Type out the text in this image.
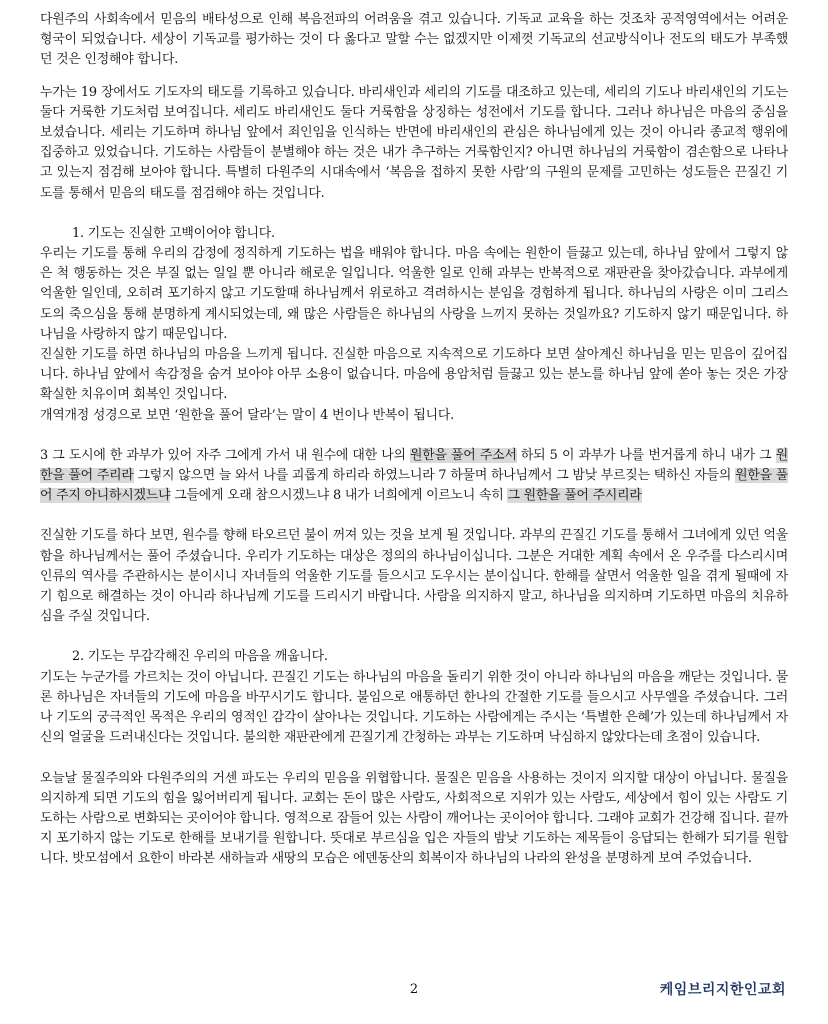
다원주의 사회속에서 믿음의 배타성으로 인해 복음전파의 어려움을 겪고 있습니다. 기독교 교육을 하는 것조차 공적영역에서는 어려운 형국이 되었습니다. 세상이 기독교를 평가하는 것이 다 옳다고 말할 수는 없겠지만 이제껏 기독교의 선교방식이나 전도의 태도가 부족했던 것은 인정해야 합니다.

누가는 19 장에서도 기도자의 태도를 기록하고 있습니다. 바리새인과 세리의 기도를 대조하고 있는데, 세리의 기도나 바리새인의 기도는 둘다 거룩한 기도처럼 보여집니다. 세리도 바리새인도 둘다 거룩함을 상징하는 성전에서 기도를 합니다. 그러나 하나님은 마음의 중심을 보셨습니다. 세리는 기도하며 하나님 앞에서 죄인임을 인식하는 반면에 바리새인의 관심은 하나님에게 있는 것이 아니라 종교적 행위에 집중하고 있었습니다. 기도하는 사람들이 분별해야 하는 것은 내가 추구하는 거룩함인지? 아니면 하나님의 거룩함이 겸손함으로 나타나고 있는지 점검해 보아야 합니다. 특별히 다원주의 시대속에서 ‘복음을 접하지 못한 사람’의 구원의 문제를 고민하는 성도들은 끈질긴 기도를 통해서 믿음의 태도를 점검해야 하는 것입니다.

1. 기도는 진실한 고백이어야 합니다.

우리는 기도를 통해 우리의 감정에 정직하게 기도하는 법을 배워야 합니다. 마음 속에는 원한이 들끓고 있는데, 하나님 앞에서 그렇지 않은 척 행동하는 것은 부질 없는 일일 뿐 아니라 해로운 일입니다. 억울한 일로 인해 과부는 반복적으로 재판관을 찾아갔습니다. 과부에게 억울한 일인데, 오히려 포기하지 않고 기도할때 하나님께서 위로하고 격려하시는 분임을 경험하게 됩니다. 하나님의 사랑은 이미 그리스도의 죽으심을 통해 분명하게 계시되었는데, 왜 많은 사람들은 하나님의 사랑을 느끼지 못하는 것일까요? 기도하지 않기 때문입니다. 하나님을 사랑하지 않기 때문입니다.

진실한 기도를 하면 하나님의 마음을 느끼게 됩니다. 진실한 마음으로 지속적으로 기도하다 보면 살아계신 하나님을 믿는 믿음이 깊어집니다. 하나님 앞에서 속감정을 숨겨 보아야 아무 소용이 없습니다. 마음에 용암처럼 들끓고 있는 분노를 하나님 앞에 쏟아 놓는 것은 가장 확실한 치유이며 회복인 것입니다.

개역개정 성경으로 보면 ‘원한을 풀어 달라’는 말이 4 번이나 반복이 됩니다.

3 그 도시에 한 과부가 있어 자주 그에게 가서 내 원수에 대한 나의 원한을 풀어 주소서 하되 5 이 과부가 나를 번거롭게 하니 내가 그 원한을 풀어 주리라 그렇지 않으면 늘 와서 나를 괴롭게 하리라 하였느니라 7 하물며 하나님께서 그 밤낮 부르짖는 택하신 자들의 원한을 풀어 주지 아니하시겠느냐 그들에게 오래 참으시겠느냐 8 내가 너희에게 이르노니 속히 그 원한을 풀어 주시리라

진실한 기도를 하다 보면, 원수를 향해 타오르던 불이 꺼져 있는 것을 보게 될 것입니다. 과부의 끈질긴 기도를 통해서 그녀에게 있던 억울함을 하나님께서는 풀어 주셨습니다. 우리가 기도하는 대상은 정의의 하나님이십니다. 그분은 거대한 계획 속에서 온 우주를 다스리시며 인류의 역사를 주관하시는 분이시니 자녀들의 억울한 기도를 들으시고 도우시는 분이십니다. 한해를 살면서 억울한 일을 겪게 될때에 자기 힘으로 해결하는 것이 아니라 하나님께 기도를 드리시기 바랍니다. 사람을 의지하지 말고, 하나님을 의지하며 기도하면 마음의 치유하심을 주실 것입니다.

2. 기도는 무감각해진 우리의 마음을 깨웁니다.

기도는 누군가를 가르치는 것이 아닙니다. 끈질긴 기도는 하나님의 마음을 돌리기 위한 것이 아니라 하나님의 마음을 깨닫는 것입니다. 물론 하나님은 자녀들의 기도에 마음을 바꾸시기도 합니다. 불임으로 애통하던 한나의 간절한 기도를 들으시고 사무엘을 주셨습니다. 그러나 기도의 궁극적인 목적은 우리의 영적인 감각이 살아나는 것입니다. 기도하는 사람에게는 주시는 ‘특별한 은혜’가 있는데 하나님께서 자신의 얼굴을 드러내신다는 것입니다. 불의한 재판관에게 끈질기게 간청하는 과부는 기도하며 낙심하지 않았다는데 초점이 있습니다.

오늘날 물질주의와 다원주의의 거센 파도는 우리의 믿음을 위협합니다. 물질은 믿음을 사용하는 것이지 의지할 대상이 아닙니다. 물질을 의지하게 되면 기도의 힘을 잃어버리게 됩니다. 교회는 돈이 많은 사람도, 사회적으로 지위가 있는 사람도, 세상에서 힘이 있는 사람도 기도하는 사람으로 변화되는 곳이어야 합니다. 영적으로 잠들어 있는 사람이 깨어나는 곳이어야 합니다. 그래야 교회가 건강해 집니다. 끝까지 포기하지 않는 기도로 한해를 보내기를 원합니다. 뜻대로 부르심을 입은 자들의 밤낮 기도하는 제목들이 응답되는 한해가 되기를 원합니다. 밧모섬에서 요한이 바라본 새하늘과 새땅의 모습은 에덴동산의 회복이자 하나님의 나라의 완성을 분명하게 보여 주었습니다.

2	케임브리지한인교회
